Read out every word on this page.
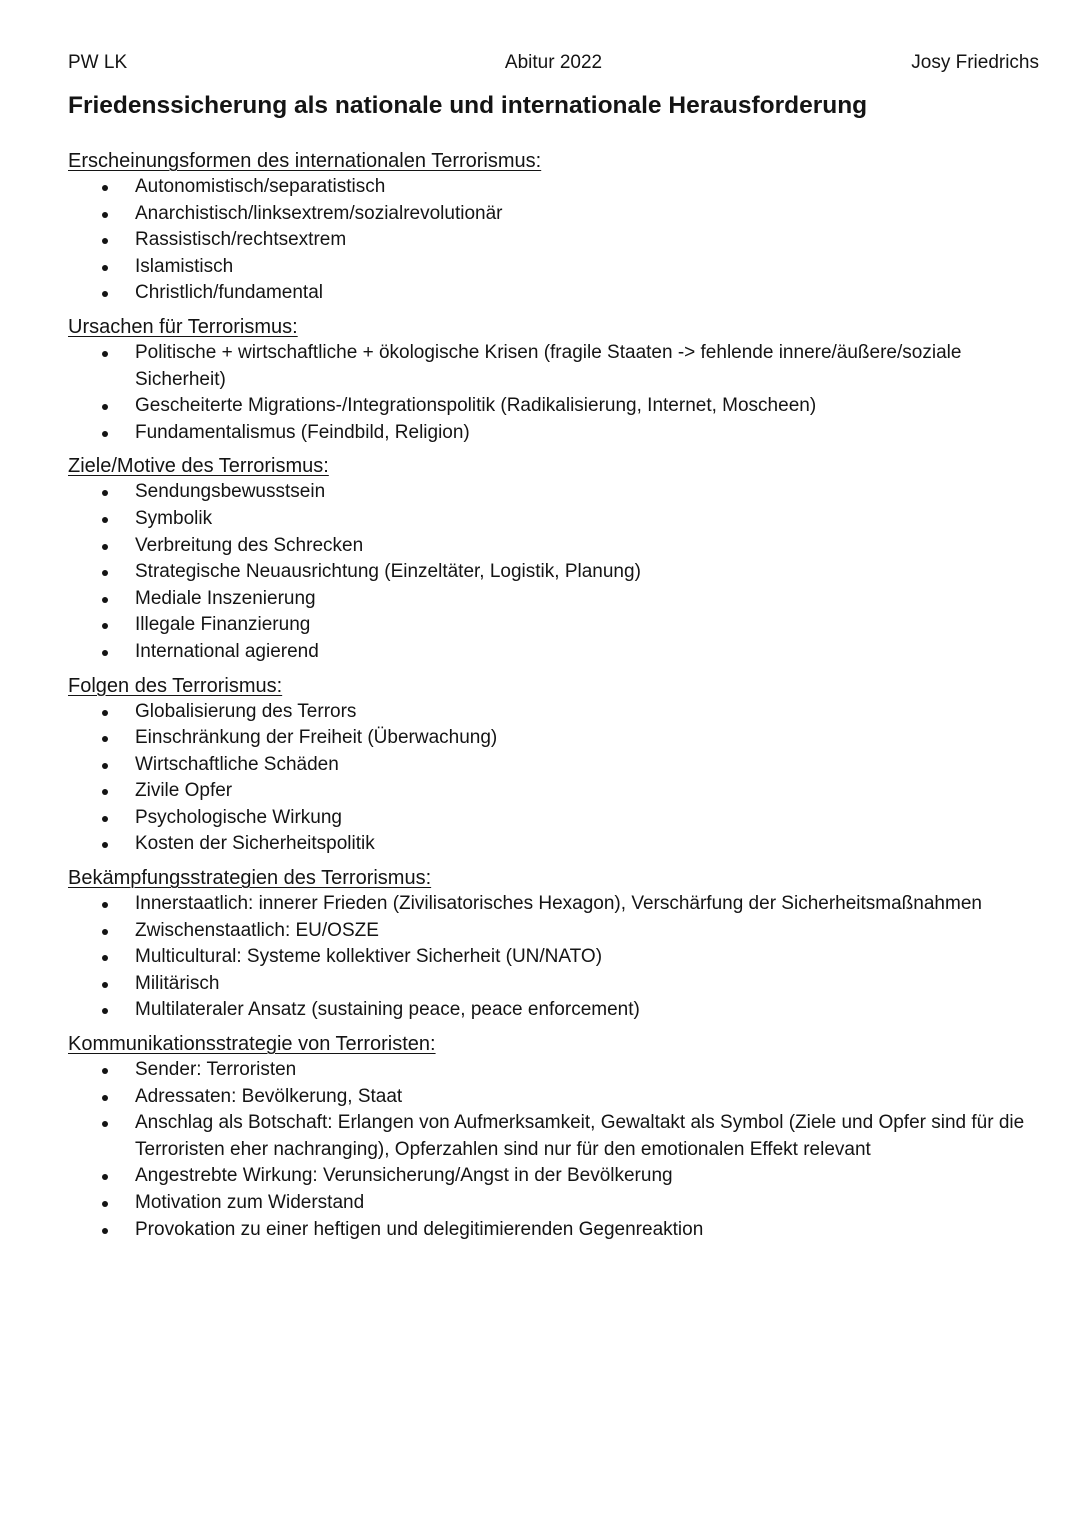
PW LK	Abitur 2022	Josy Friedrichs
Friedenssicherung als nationale und internationale Herausforderung
Erscheinungsformen des internationalen Terrorismus:
Autonomistisch/separatistisch
Anarchistisch/linksextrem/sozialrevolutionär
Rassistisch/rechtsextrem
Islamistisch
Christlich/fundamental
Ursachen für Terrorismus:
Politische + wirtschaftliche + ökologische Krisen (fragile Staaten -> fehlende innere/äußere/soziale Sicherheit)
Gescheiterte Migrations-/Integrationspolitik (Radikalisierung, Internet, Moscheen)
Fundamentalismus (Feindbild, Religion)
Ziele/Motive des Terrorismus:
Sendungsbewusstsein
Symbolik
Verbreitung des Schrecken
Strategische Neuausrichtung (Einzeltäter, Logistik, Planung)
Mediale Inszenierung
Illegale Finanzierung
International agierend
Folgen des Terrorismus:
Globalisierung des Terrors
Einschränkung der Freiheit (Überwachung)
Wirtschaftliche Schäden
Zivile Opfer
Psychologische Wirkung
Kosten der Sicherheitspolitik
Bekämpfungsstrategien des Terrorismus:
Innerstaatlich: innerer Frieden (Zivilisatorisches Hexagon), Verschärfung der Sicherheitsmaßnahmen
Zwischenstaatlich: EU/OSZE
Multicultural: Systeme kollektiver Sicherheit (UN/NATO)
Militärisch
Multilateraler Ansatz (sustaining peace, peace enforcement)
Kommunikationsstrategie von Terroristen:
Sender: Terroristen
Adressaten: Bevölkerung, Staat
Anschlag als Botschaft: Erlangen von Aufmerksamkeit, Gewaltakt als Symbol (Ziele und Opfer sind für die Terroristen eher nachranging), Opferzahlen sind nur für den emotionalen Effekt relevant
Angestrebte Wirkung: Verunsicherung/Angst in der Bevölkerung
Motivation zum Widerstand
Provokation zu einer heftigen und delegitimierenden Gegenreaktion
